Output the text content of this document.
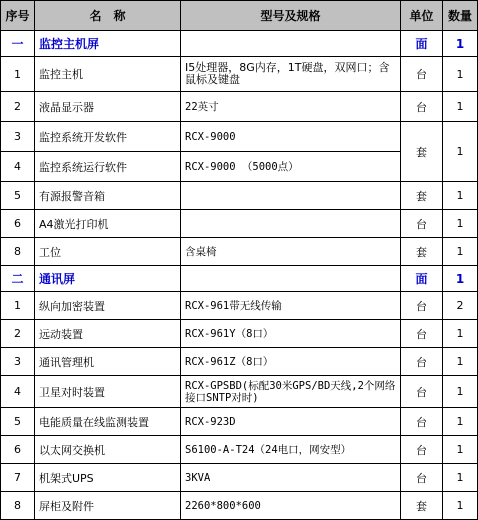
序号	名　称	型号及规格	单位	数量
一	监控主机屏		面	1
1	监控主机	I5处理器，8G内存，1T硬盘，双网口；含鼠标及键盘	台	1
2	液晶显示器	22英寸	台	1
3	监控系统开发软件	RCX-9000	套	1
4	监控系统运行软件	RCX-9000 （5000点）		
5	有源报警音箱		套	1
6	A4激光打印机		台	1
8	工位	含桌椅	套	1
二	通讯屏		面	1
1	纵向加密装置	RCX-961带无线传输	台	2
2	远动装置	RCX-961Y（8口）	台	1
3	通讯管理机	RCX-961Z（8口）	台	1
4	卫星对时装置	RCX-GPSBD(标配30米GPS/BD天线,2个网络接口SNTP对时)	台	1
5	电能质量在线监测装置	RCX-923D	台	1
6	以太网交换机	S6100-A-T24（24电口，网安型）	台	1
7	机架式UPS	3KVA	台	1
8	屏柜及附件	2260*800*600	套	1
